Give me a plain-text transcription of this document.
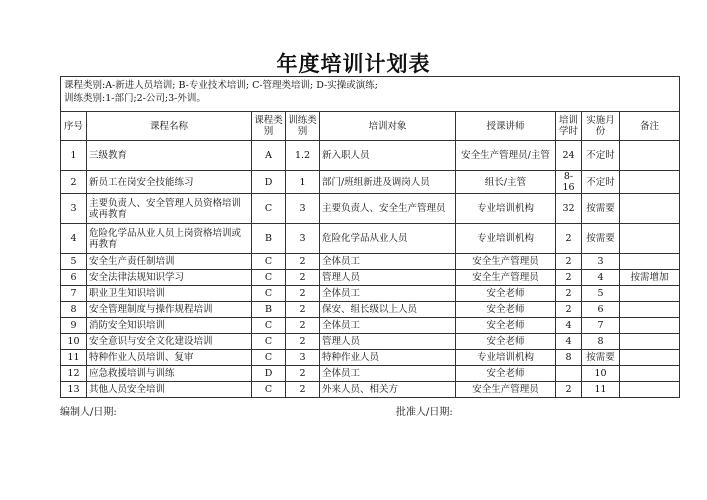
年度培训计划表
课程类别:A-新进人员培训; B-专业技术培训; C-管理类培训; D-实操或演练;
训练类别:1-部门;2-公司;3-外训。								

序号	课程名称	课程类别	训练类别	培训对象	授课讲师	培训学时	实施月份	备注
1	三级教育	A	1.2	新入职人员	安全生产管理员/主管	24	不定时	
2	新员工在岗安全技能练习	D	1	部门/班组新进及调岗人员	组长/主管	8-16	不定时	
3	主要负责人、安全管理人员资格培训或再教育	C	3	主要负责人、安全生产管理员	专业培训机构	32	按需要	
4	危险化学品从业人员上岗资格培训或再教育	B	3	危险化学品从业人员	专业培训机构	2	按需要	
5	安全生产责任制培训	C	2	全体员工	安全生产管理员	2	3	
6	安全法律法规知识学习	C	2	管理人员	安全生产管理员	2	4	按需增加
7	职业卫生知识培训	C	2	全体员工	安全老师	2	5	
8	安全管理制度与操作规程培训	B	2	保安、组长级以上人员	安全老师	2	6	
9	消防安全知识培训	C	2	全体员工	安全老师	4	7	
10	安全意识与安全文化建设培训	C	2	管理人员	安全老师	4	8	
11	特种作业人员培训、复审	C	3	特种作业人员	专业培训机构	8	按需要	
12	应急救援培训与训练	D	2	全体员工	安全老师		10	
13	其他人员安全培训	C	2	外来人员、相关方	安全生产管理员	2	11	
编制人/日期:	批准人/日期:
